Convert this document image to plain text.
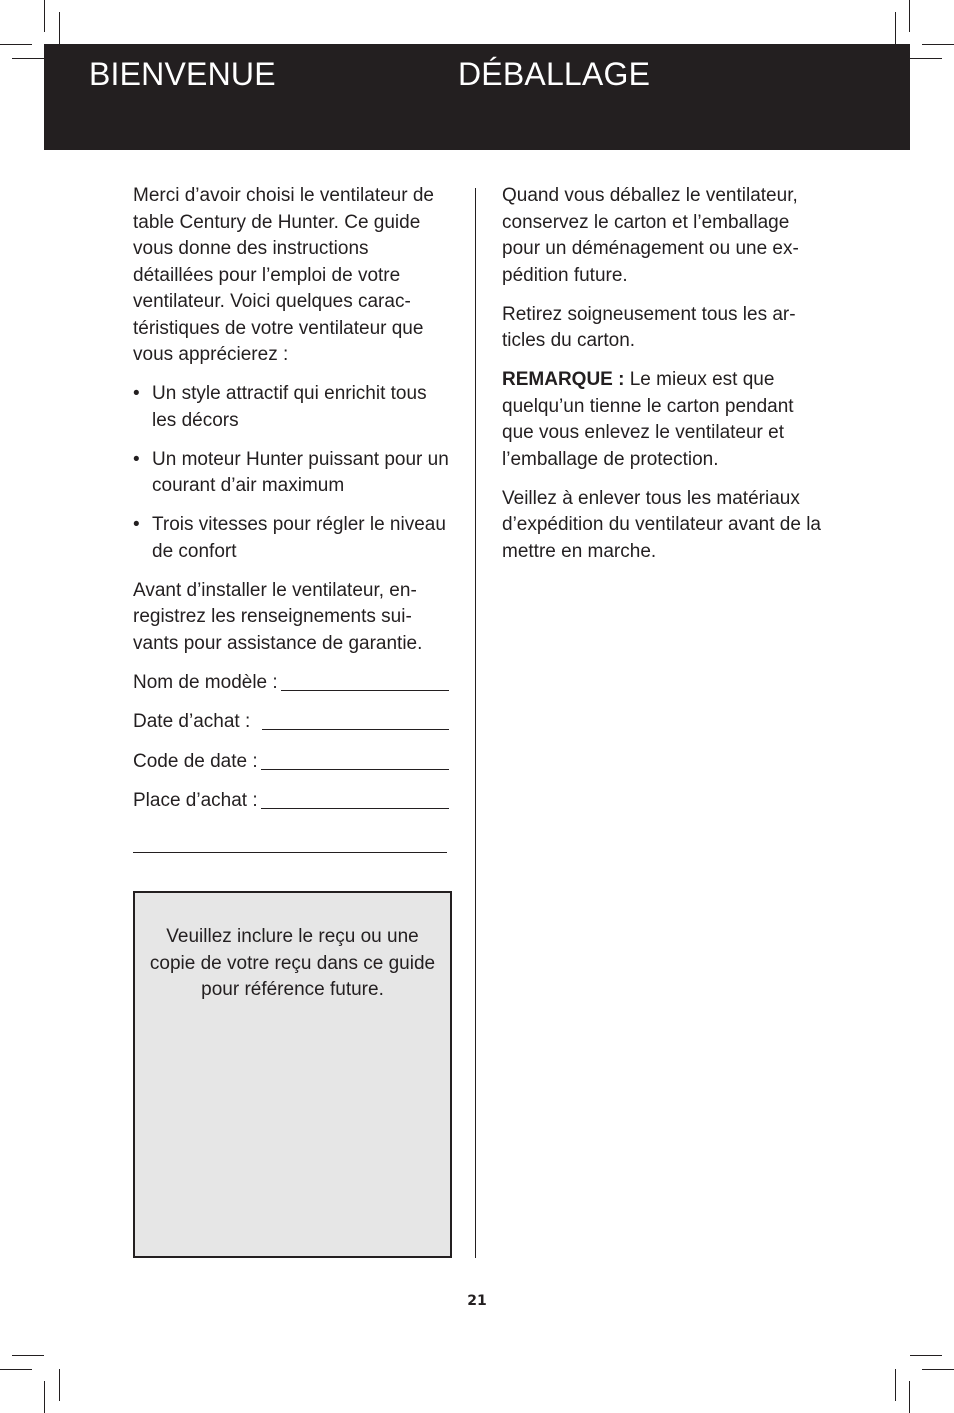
BIENVENUE	DÉBALLAGE

Merci d’avoir choisi le ventilateur de table Century de Hunter. Ce guide vous donne des instructions détaillées pour l’emploi de votre ventilateur. Voici quelques caractéristiques de votre ventilateur que vous apprécierez :

• Un style attractif qui enrichit tous les décors
• Un moteur Hunter puissant pour un courant d’air maximum
• Trois vitesses pour régler le niveau de confort

Avant d’installer le ventilateur, enregistrez les renseignements suivants pour assistance de garantie.

Nom de modèle :
Date d’achat :
Code de date :
Place d’achat :

Veuillez inclure le reçu ou une copie de votre reçu dans ce guide pour référence future.

Quand vous déballez le ventilateur, conservez le carton et l’emballage pour un déménagement ou une expédition future.

Retirez soigneusement tous les articles du carton.

REMARQUE : Le mieux est que quelqu’un tienne le carton pendant que vous enlevez le ventilateur et l’emballage de protection.

Veillez à enlever tous les matériaux d’expédition du ventilateur avant de la mettre en marche.

21
